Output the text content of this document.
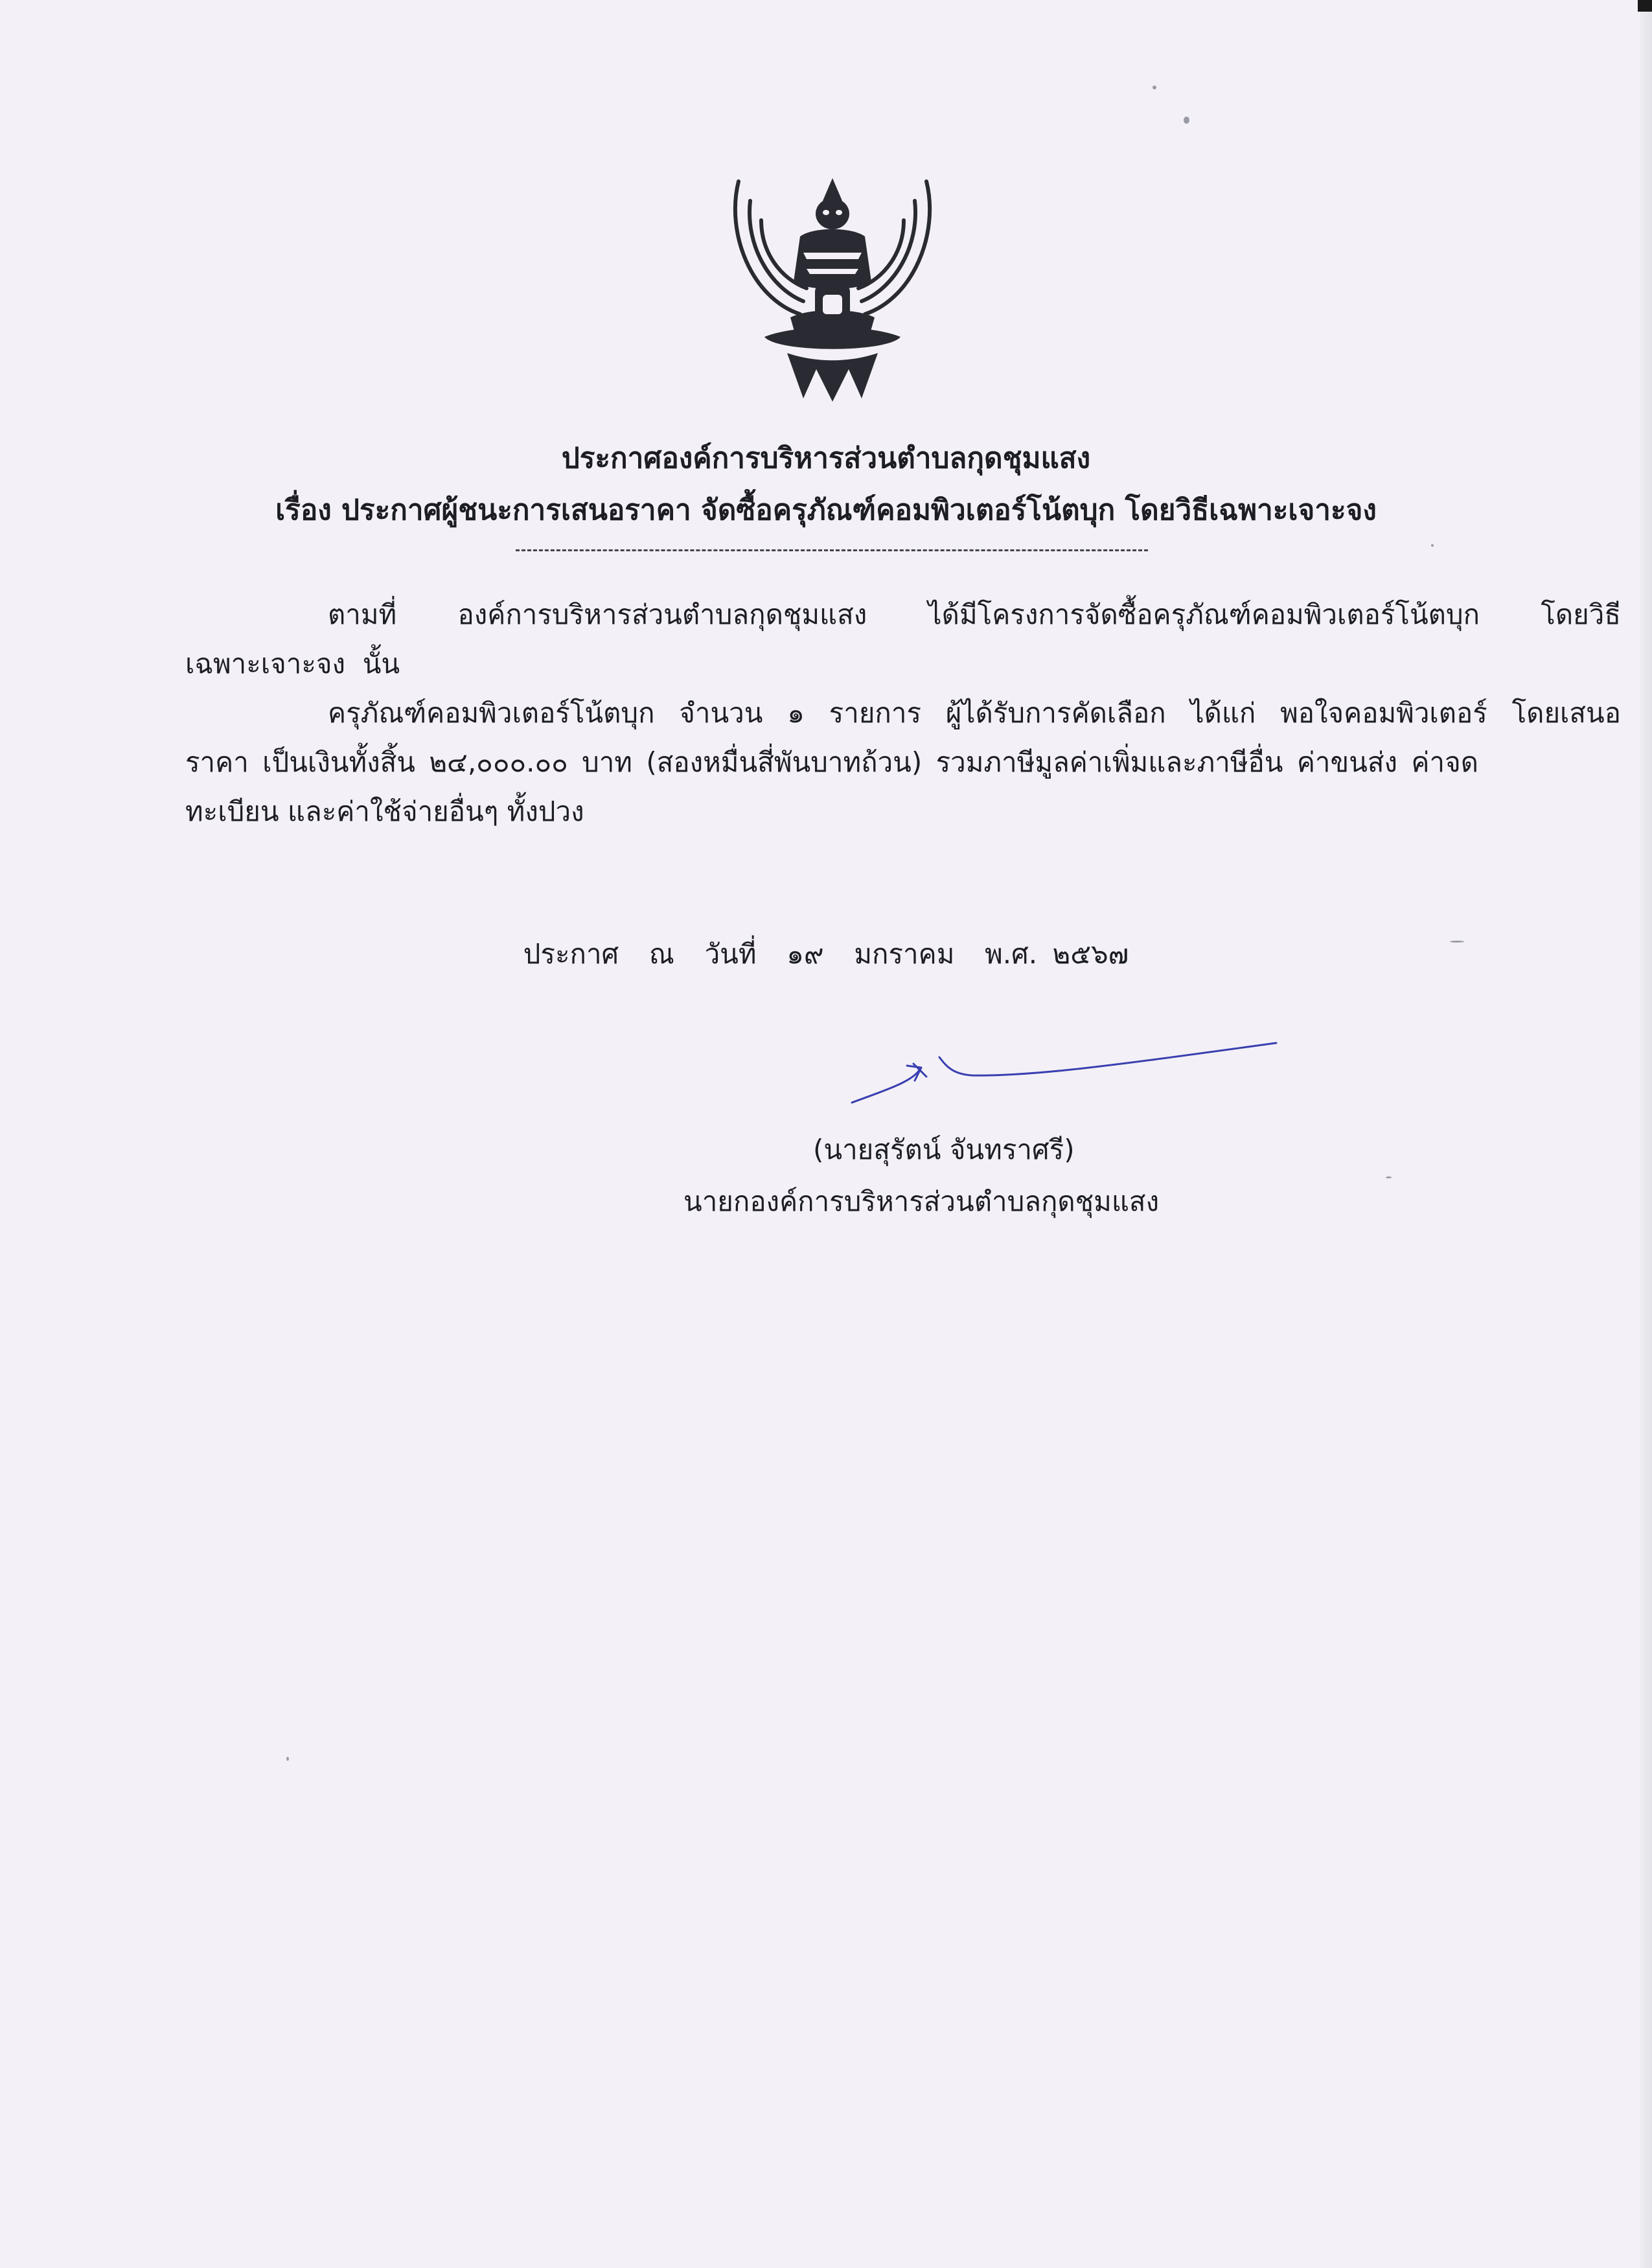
ประกาศองค์การบริหารส่วนตำบลกุดชุมแสง
เรื่อง ประกาศผู้ชนะการเสนอราคา จัดซื้อครุภัณฑ์คอมพิวเตอร์โน้ตบุก โดยวิธีเฉพาะเจาะจง
ตามที่ องค์การบริหารส่วนตำบลกุดชุมแสง ได้มีโครงการจัดซื้อครุภัณฑ์คอมพิวเตอร์โน้ตบุก โดยวิธี
เฉพาะเจาะจง  นั้น
ครุภัณฑ์คอมพิวเตอร์โน้ตบุก จำนวน ๑ รายการ ผู้ได้รับการคัดเลือก ได้แก่ พอใจคอมพิวเตอร์ โดยเสนอ
ราคา เป็นเงินทั้งสิ้น ๒๔,๐๐๐.๐๐ บาท (สองหมื่นสี่พันบาทถ้วน) รวมภาษีมูลค่าเพิ่มและภาษีอื่น ค่าขนส่ง ค่าจด
ทะเบียน และค่าใช้จ่ายอื่นๆ ทั้งปวง
ประกาศ  ณ  วันที่  ๑๙  มกราคม  พ.ศ. ๒๕๖๗
(นายสุรัตน์ จันทราศรี)
นายกองค์การบริหารส่วนตำบลกุดชุมแสง
